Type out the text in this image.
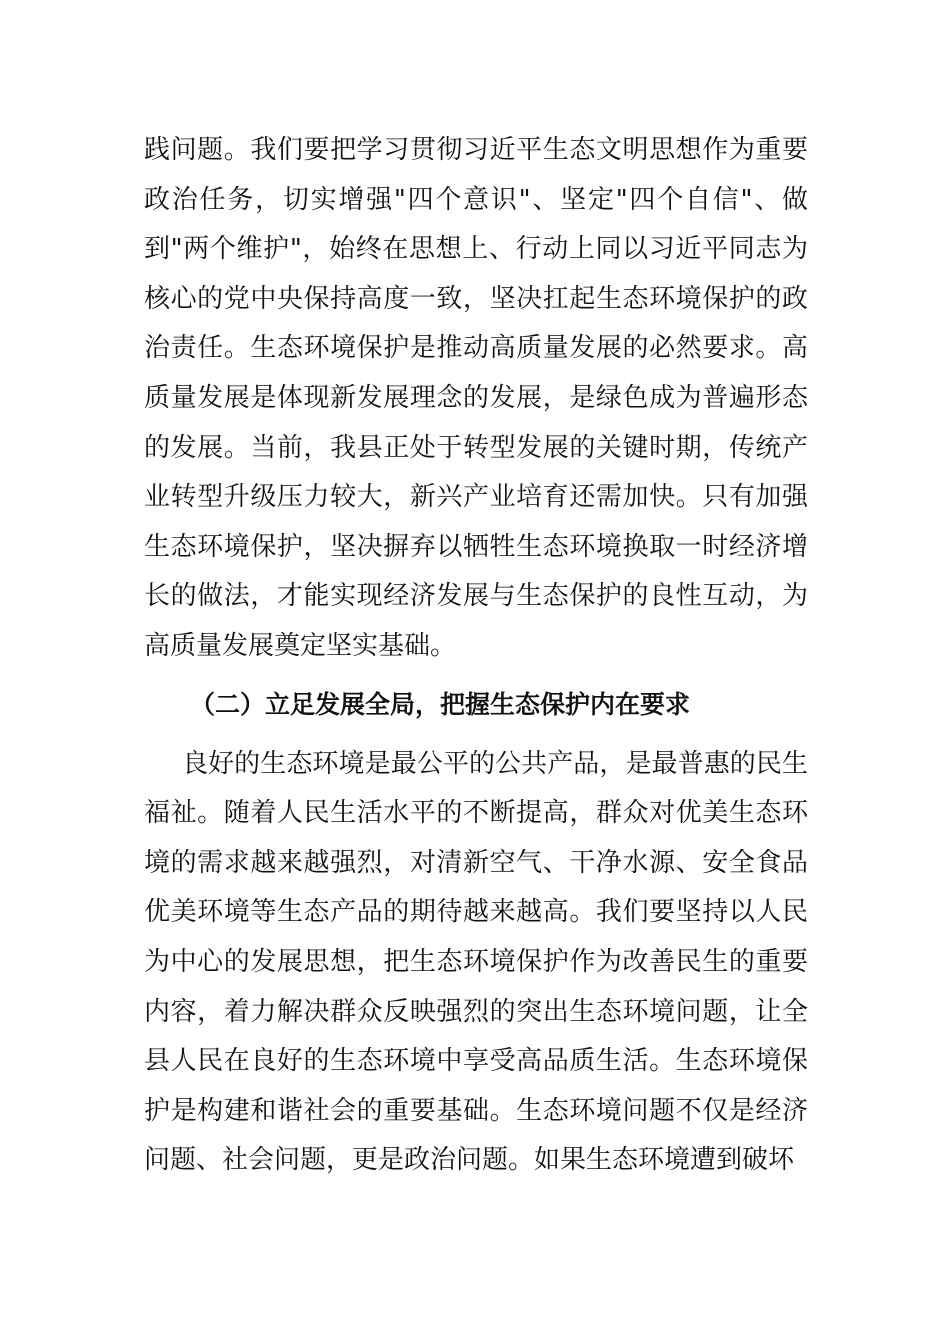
践问题。我们要把学习贯彻习近平生态文明思想作为重要政治任务，切实增强"四个意识"、坚定"四个自信"、做到"两个维护"，始终在思想上、行动上同以习近平同志为核心的党中央保持高度一致，坚决扛起生态环境保护的政治责任。生态环境保护是推动高质量发展的必然要求。高质量发展是体现新发展理念的发展，是绿色成为普遍形态的发展。当前，我县正处于转型发展的关键时期，传统产业转型升级压力较大，新兴产业培育还需加快。只有加强生态环境保护，坚决摒弃以牺牲生态环境换取一时经济增长的做法，才能实现经济发展与生态保护的良性互动，为高质量发展奠定坚实基础。

（二）立足发展全局，把握生态保护内在要求

良好的生态环境是最公平的公共产品，是最普惠的民生福祉。随着人民生活水平的不断提高，群众对优美生态环境的需求越来越强烈，对清新空气、干净水源、安全食品优美环境等生态产品的期待越来越高。我们要坚持以人民为中心的发展思想，把生态环境保护作为改善民生的重要内容，着力解决群众反映强烈的突出生态环境问题，让全县人民在良好的生态环境中享受高品质生活。生态环境保护是构建和谐社会的重要基础。生态环境问题不仅是经济问题、社会问题，更是政治问题。如果生态环境遭到破坏
